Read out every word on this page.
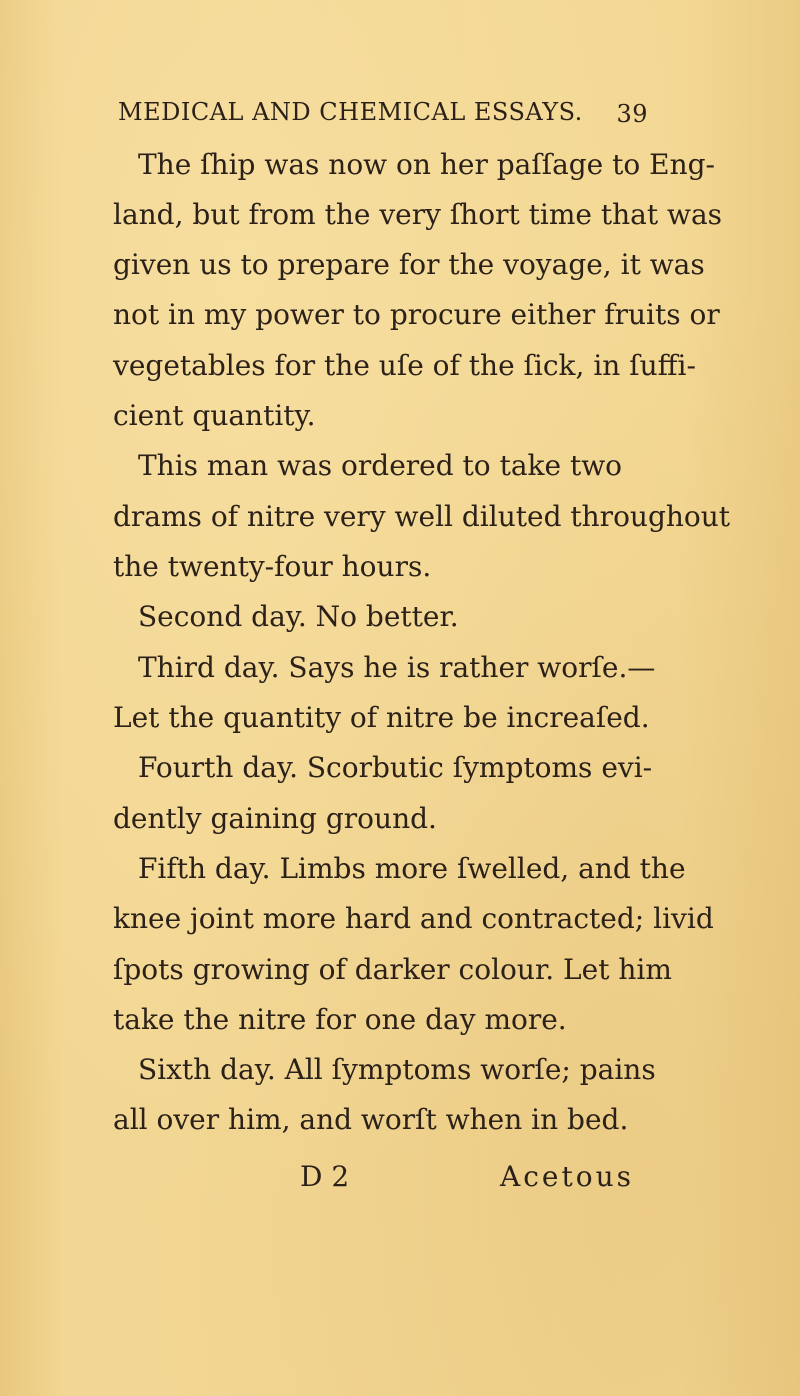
MEDICAL AND CHEMICAL ESSAYS. 39
The ſhip was now on her paſſage to Eng-
land, but from the very ſhort time that was
given us to prepare for the voyage, it was
not in my power to procure either fruits or
vegetables for the uſe of the ſick, in ſuffi-
cient quantity.
This man was ordered to take two
drams of nitre very well diluted throughout
the twenty-four hours.
Second day. No better.
Third day. Says he is rather worſe.—
Let the quantity of nitre be increaſed.
Fourth day. Scorbutic ſymptoms evi-
dently gaining ground.
Fifth day. Limbs more ſwelled, and the
knee joint more hard and contracted; livid
ſpots growing of darker colour. Let him
take the nitre for one day more.
Sixth day. All ſymptoms worſe; pains
all over him, and worſt when in bed.
D 2	Acetous
